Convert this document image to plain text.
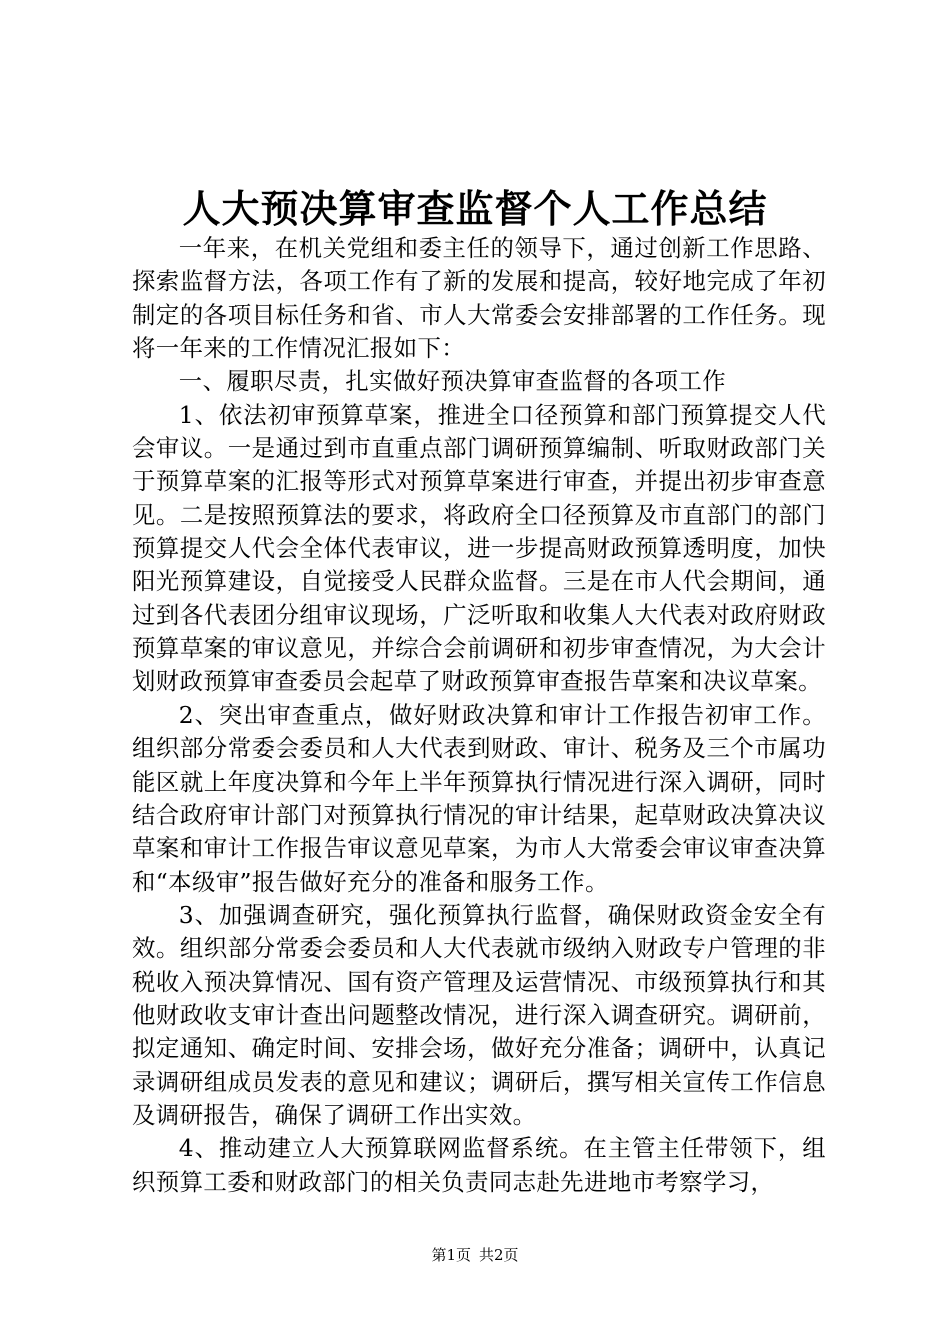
人大预决算审查监督个人工作总结

一年来，在机关党组和委主任的领导下，通过创新工作思路、探索监督方法，各项工作有了新的发展和提高，较好地完成了年初制定的各项目标任务和省、市人大常委会安排部署的工作任务。现将一年来的工作情况汇报如下：

一、履职尽责，扎实做好预决算审查监督的各项工作

1、依法初审预算草案，推进全口径预算和部门预算提交人代会审议。一是通过到市直重点部门调研预算编制、听取财政部门关于预算草案的汇报等形式对预算草案进行审查，并提出初步审查意见。二是按照预算法的要求，将政府全口径预算及市直部门的部门预算提交人代会全体代表审议，进一步提高财政预算透明度，加快阳光预算建设，自觉接受人民群众监督。三是在市人代会期间，通过到各代表团分组审议现场，广泛听取和收集人大代表对政府财政预算草案的审议意见，并综合会前调研和初步审查情况，为大会计划财政预算审查委员会起草了财政预算审查报告草案和决议草案。

2、突出审查重点，做好财政决算和审计工作报告初审工作。组织部分常委会委员和人大代表到财政、审计、税务及三个市属功能区就上年度决算和今年上半年预算执行情况进行深入调研，同时结合政府审计部门对预算执行情况的审计结果，起草财政决算决议草案和审计工作报告审议意见草案，为市人大常委会审议审查决算和“本级审”报告做好充分的准备和服务工作。

3、加强调查研究，强化预算执行监督，确保财政资金安全有效。组织部分常委会委员和人大代表就市级纳入财政专户管理的非税收入预决算情况、国有资产管理及运营情况、市级预算执行和其他财政收支审计查出问题整改情况，进行深入调查研究。调研前，拟定通知、确定时间、安排会场，做好充分准备；调研中，认真记录调研组成员发表的意见和建议；调研后，撰写相关宣传工作信息及调研报告，确保了调研工作出实效。

4、推动建立人大预算联网监督系统。在主管主任带领下，组织预算工委和财政部门的相关负责同志赴先进地市考察学习，

第1页 共2页
